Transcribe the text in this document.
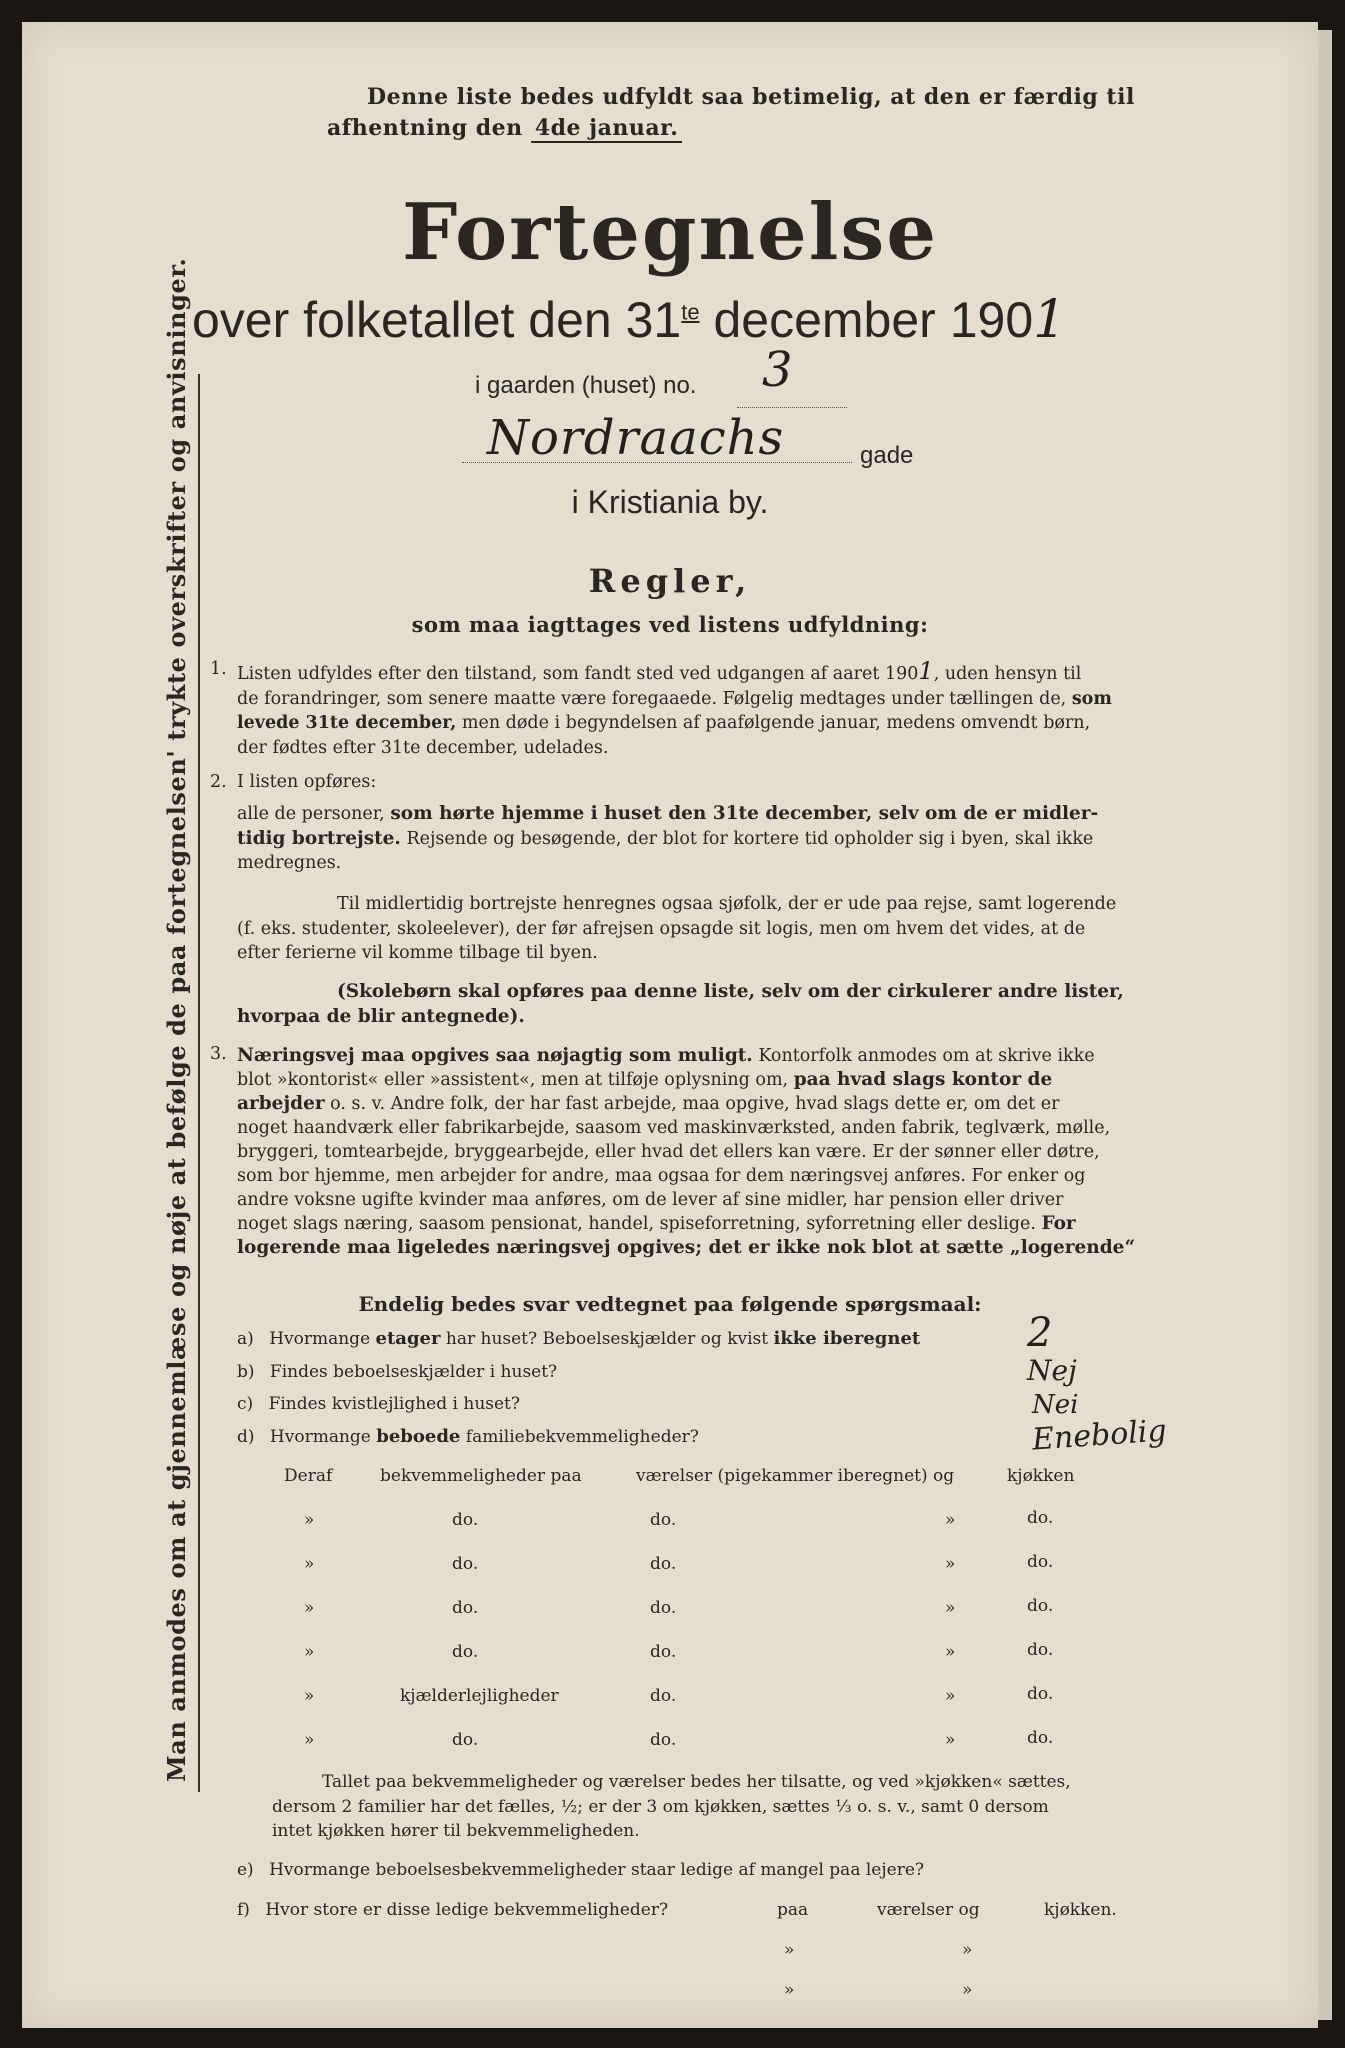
Man anmodes om at gjennemlæse og nøje at befølge de paa fortegnelsen' trykte overskrifter og anvisninger.
Denne liste bedes udfyldt saa betimelig, at den er færdig til
afhentning den 4de januar.
Fortegnelse
over folketallet den $31^{te}$ december 1901
i gaarden (huset) no. 3
Nordraachs	gade
i Kristiania by.
Regler,
som maa iagttages ved listens udfyldning:
1. Listen udfyldes efter den tilstand, som fandt sted ved udgangen af aaret 1901, uden hensyn til
de forandringer, som senere maatte være foregaaede. Følgelig medtages under tællingen de, som
levede 31te december, men døde i begyndelsen af paafølgende januar, medens omvendt børn,
der fødtes efter 31te december, udelades.
2. I listen opføres:
alle de personer, som hørte hjemme i huset den 31te december, selv om de er midler-
tidig bortrejste. Rejsende og besøgende, der blot for kortere tid opholder sig i byen, skal ikke
medregnes.
Til midlertidig bortrejste henregnes ogsaa sjøfolk, der er ude paa rejse, samt logerende
(f. eks. studenter, skoleelever), der før afrejsen opsagde sit logis, men om hvem det vides, at de
efter ferierne vil komme tilbage til byen.
(Skolebørn skal opføres paa denne liste, selv om der cirkulerer andre lister,
hvorpaa de blir antegnede).
3. Næringsvej maa opgives saa nøjagtig som muligt. Kontorfolk anmodes om at skrive ikke
blot »kontorist« eller »assistent«, men at tilføje oplysning om, paa hvad slags kontor de
arbejder o. s. v. Andre folk, der har fast arbejde, maa opgive, hvad slags dette er, om det er
noget haandværk eller fabrikarbejde, saasom ved maskinværksted, anden fabrik, teglværk, mølle,
bryggeri, tomtearbejde, bryggearbejde, eller hvad det ellers kan være. Er der sønner eller døtre,
som bor hjemme, men arbejder for andre, maa ogsaa for dem næringsvej anføres. For enker og
andre voksne ugifte kvinder maa anføres, om de lever af sine midler, har pension eller driver
noget slags næring, saasom pensionat, handel, spiseforretning, syforretning eller deslige. For
logerende maa ligeledes næringsvej opgives; det er ikke nok blot at sætte „logerende“
Endelig bedes svar vedtegnet paa følgende spørgsmaal:
a) Hvormange etager har huset? Beboelseskjælder og kvist ikke iberegnet	2
b) Findes beboelseskjælder i huset?	Nej
c) Findes kvistlejlighed i huset?	Nei
d) Hvormange beboede familiebekvemmeligheder?	Enebolig
Deraf	bekvemmeligheder paa	værelser (pigekammer iberegnet) og	kjøkken
»	do.	do.	»	do.
»	do.	do.	»	do.
»	do.	do.	»	do.
»	do.	do.	»	do.
»	kjælderlejligheder	do.	»	do.
»	do.	do.	»	do.
Tallet paa bekvemmeligheder og værelser bedes her tilsatte, og ved »kjøkken« sættes,
dersom 2 familier har det fælles, ½; er der 3 om kjøkken, sættes ⅓ o. s. v., samt 0 dersom
intet kjøkken hører til bekvemmeligheden.
e) Hvormange beboelsesbekvemmeligheder staar ledige af mangel paa lejere?
f) Hvor store er disse ledige bekvemmeligheder?	paa	værelser og	kjøkken.
»	»
»	»
